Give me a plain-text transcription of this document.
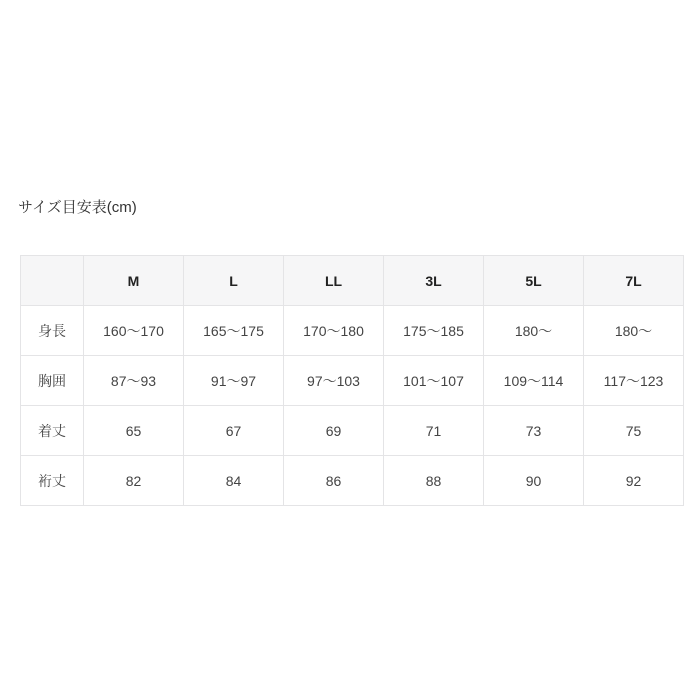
サイズ目安表(cm)
	M	L	LL	3L	5L	7L
身長	160〜170	165〜175	170〜180	175〜185	180〜	180〜
胸囲	87〜93	91〜97	97〜103	101〜107	109〜114	117〜123
着丈	65	67	69	71	73	75
裄丈	82	84	86	88	90	92
